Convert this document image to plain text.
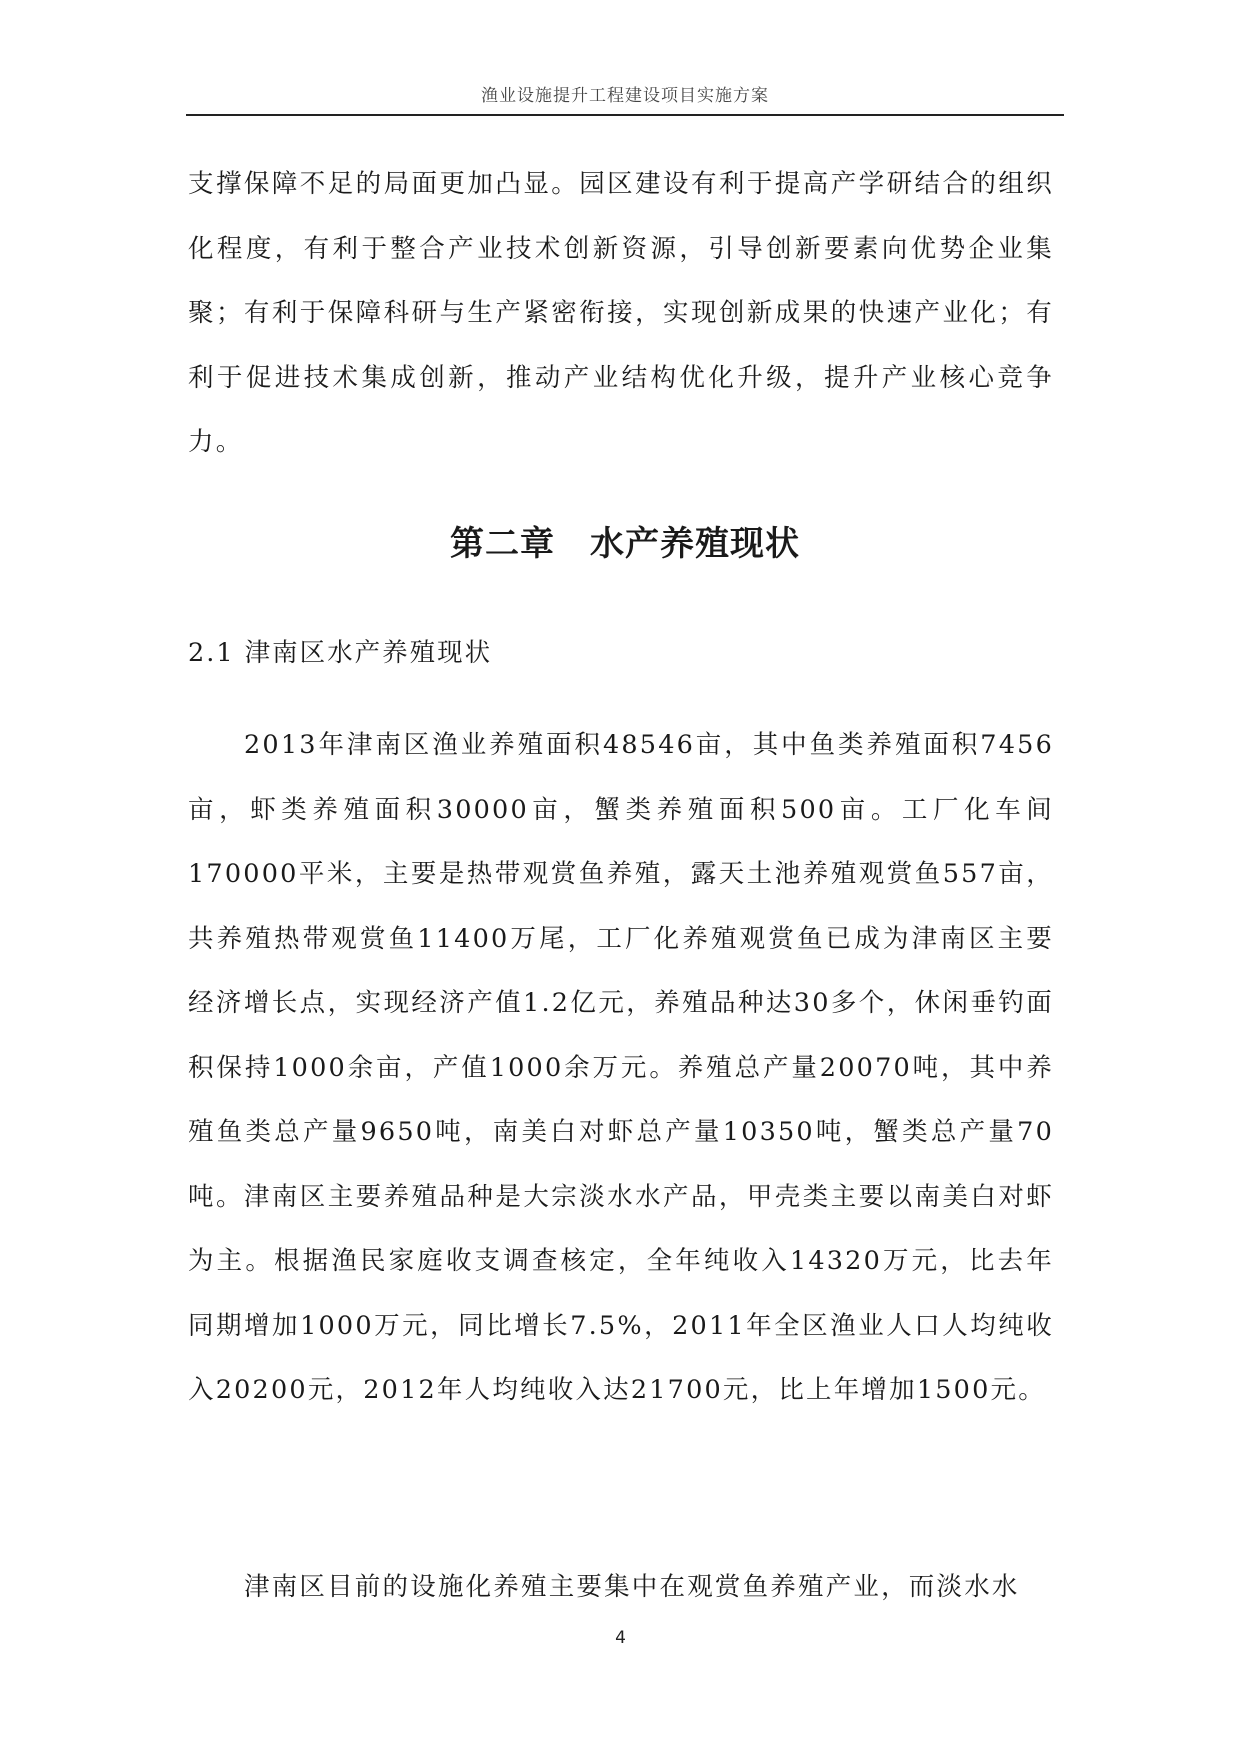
渔业设施提升工程建设项目实施方案

支撑保障不足的局面更加凸显。园区建设有利于提高产学研结合的组织化程度，有利于整合产业技术创新资源，引导创新要素向优势企业集聚；有利于保障科研与生产紧密衔接，实现创新成果的快速产业化；有利于促进技术集成创新，推动产业结构优化升级，提升产业核心竞争力。

第二章　水产养殖现状
2.1 津南区水产养殖现状

2013年津南区渔业养殖面积48546亩，其中鱼类养殖面积7456亩，虾类养殖面积30000亩，蟹类养殖面积500亩。工厂化车间170000平米，主要是热带观赏鱼养殖，露天土池养殖观赏鱼557亩，共养殖热带观赏鱼11400万尾，工厂化养殖观赏鱼已成为津南区主要经济增长点，实现经济产值1.2亿元，养殖品种达30多个，休闲垂钓面积保持1000余亩，产值1000余万元。养殖总产量20070吨，其中养殖鱼类总产量9650吨，南美白对虾总产量10350吨，蟹类总产量70吨。津南区主要养殖品种是大宗淡水水产品，甲壳类主要以南美白对虾为主。根据渔民家庭收支调查核定，全年纯收入14320万元，比去年同期增加1000万元，同比增长7.5%，2011年全区渔业人口人均纯收入20200元，2012年人均纯收入达21700元，比上年增加1500元。

津南区目前的设施化养殖主要集中在观赏鱼养殖产业，而淡水水

4
